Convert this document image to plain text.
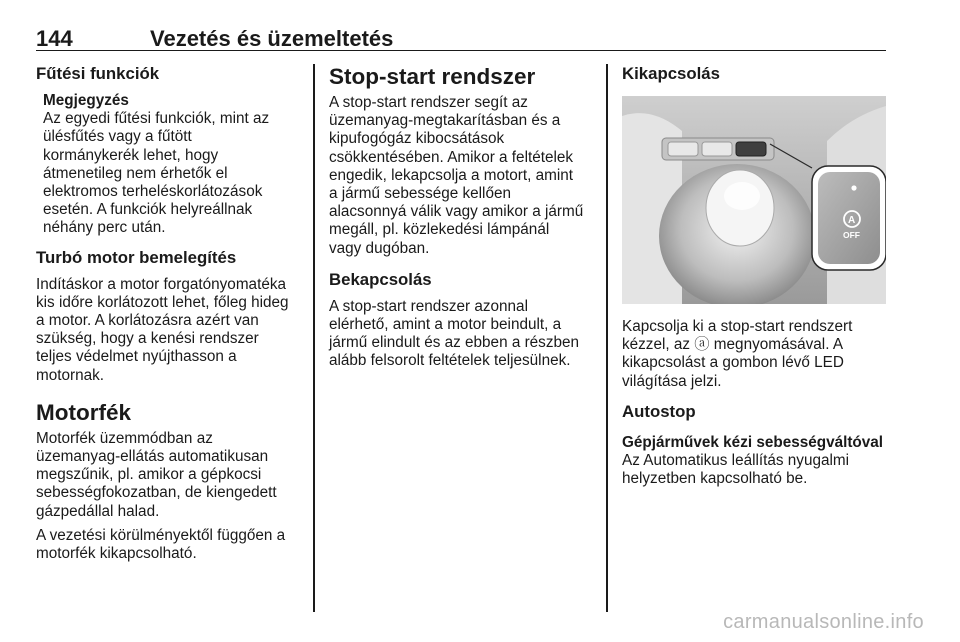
144	Vezetés és üzemeltetés

Fűtési funkciók

Megjegyzés

Az egyedi fűtési funkciók, mint az
ülésfűtés vagy a fűtött
kormánykerék lehet, hogy
átmenetileg nem érhetők el
elektromos terheléskorlátozások
esetén. A funkciók helyreállnak
néhány perc után.

Turbó motor bemelegítés

Indításkor a motor forgatónyomatéka
kis időre korlátozott lehet, főleg hideg
a motor. A korlátozásra azért van
szükség, hogy a kenési rendszer
teljes védelmet nyújthasson a
motornak.

Motorfék

Motorfék üzemmódban az
üzemanyag-ellátás automatikusan
megszűnik, pl. amikor a gépkocsi
sebességfokozatban, de kiengedett
gázpedállal halad.

A vezetési körülményektől függően a
motorfék kikapcsolható.

Stop-start rendszer

A stop-start rendszer segít az
üzemanyag-megtakarításban és a
kipufogógáz kibocsátások
csökkentésében. Amikor a feltételek
engedik, lekapcsolja a motort, amint
a jármű sebessége kellően
alacsonnyá válik vagy amikor a jármű
megáll, pl. közlekedési lámpánál
vagy dugóban.

Bekapcsolás

A stop-start rendszer azonnal
elérhető, amint a motor beindult, a
jármű elindult és az ebben a részben
alább felsorolt feltételek teljesülnek.

Kikapcsolás

A
OFF

Kapcsolja ki a stop-start rendszert
kézzel, az ⓐ megnyomásával. A
kikapcsolást a gombon lévő LED
világítása jelzi.

Autostop

Gépjárművek kézi sebességváltóval

Az Automatikus leállítás nyugalmi
helyzetben kapcsolható be.

carmanualsonline.info
